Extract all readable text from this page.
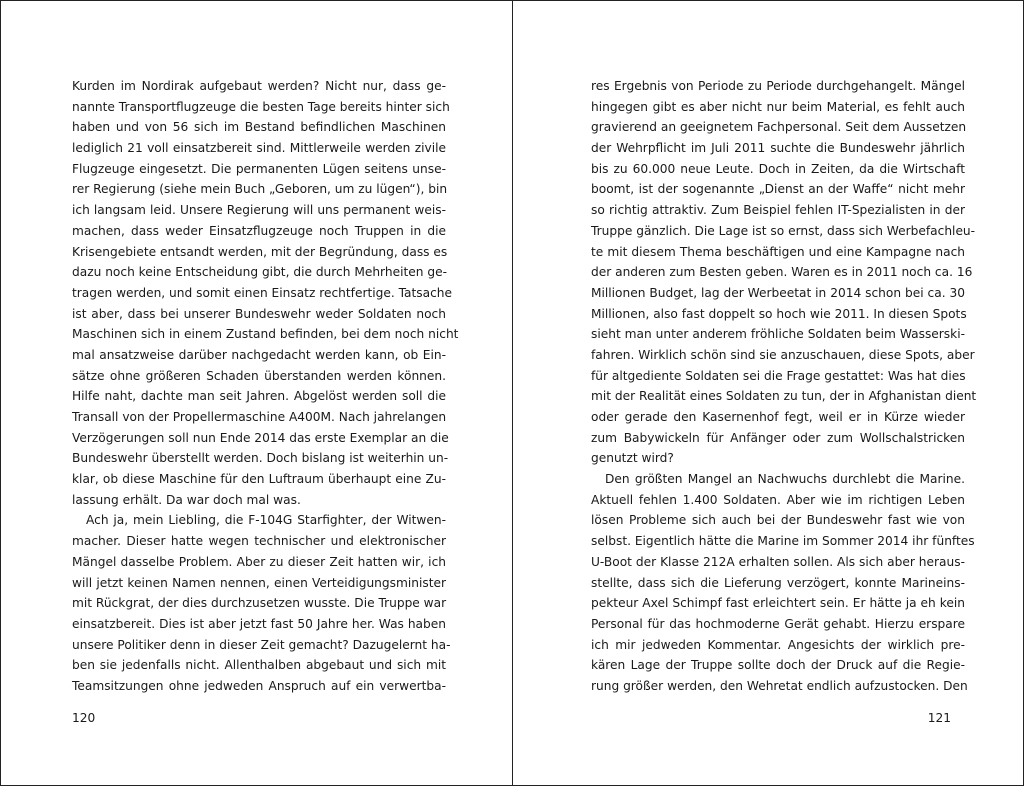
Kurden im Nordirak aufgebaut werden? Nicht nur, dass ge-
nannte Transportflugzeuge die besten Tage bereits hinter sich
haben und von 56 sich im Bestand befindlichen Maschinen
lediglich 21 voll einsatzbereit sind. Mittlerweile werden zivile
Flugzeuge eingesetzt. Die permanenten Lügen seitens unse-
rer Regierung (siehe mein Buch „Geboren, um zu lügen“), bin
ich langsam leid. Unsere Regierung will uns permanent weis-
machen, dass weder Einsatzflugzeuge noch Truppen in die
Krisengebiete entsandt werden, mit der Begründung, dass es
dazu noch keine Entscheidung gibt, die durch Mehrheiten ge-
tragen werden, und somit einen Einsatz rechtfertige. Tatsache
ist aber, dass bei unserer Bundeswehr weder Soldaten noch
Maschinen sich in einem Zustand befinden, bei dem noch nicht
mal ansatzweise darüber nachgedacht werden kann, ob Ein-
sätze ohne größeren Schaden überstanden werden können.
Hilfe naht, dachte man seit Jahren. Abgelöst werden soll die
Transall von der Propellermaschine A400M. Nach jahrelangen
Verzögerungen soll nun Ende 2014 das erste Exemplar an die
Bundeswehr überstellt werden. Doch bislang ist weiterhin un-
klar, ob diese Maschine für den Luftraum überhaupt eine Zu-
lassung erhält. Da war doch mal was.
Ach ja, mein Liebling, die F-104G Starfighter, der Witwen-
macher. Dieser hatte wegen technischer und elektronischer
Mängel dasselbe Problem. Aber zu dieser Zeit hatten wir, ich
will jetzt keinen Namen nennen, einen Verteidigungsminister
mit Rückgrat, der dies durchzusetzen wusste. Die Truppe war
einsatzbereit. Dies ist aber jetzt fast 50 Jahre her. Was haben
unsere Politiker denn in dieser Zeit gemacht? Dazugelernt ha-
ben sie jedenfalls nicht. Allenthalben abgebaut und sich mit
Teamsitzungen ohne jedweden Anspruch auf ein verwertba-
120
res Ergebnis von Periode zu Periode durchgehangelt. Mängel
hingegen gibt es aber nicht nur beim Material, es fehlt auch
gravierend an geeignetem Fachpersonal. Seit dem Aussetzen
der Wehrpflicht im Juli 2011 suchte die Bundeswehr jährlich
bis zu 60.000 neue Leute. Doch in Zeiten, da die Wirtschaft
boomt, ist der sogenannte „Dienst an der Waffe“ nicht mehr
so richtig attraktiv. Zum Beispiel fehlen IT-Spezialisten in der
Truppe gänzlich. Die Lage ist so ernst, dass sich Werbefachleu-
te mit diesem Thema beschäftigen und eine Kampagne nach
der anderen zum Besten geben. Waren es in 2011 noch ca. 16
Millionen Budget, lag der Werbeetat in 2014 schon bei ca. 30
Millionen, also fast doppelt so hoch wie 2011. In diesen Spots
sieht man unter anderem fröhliche Soldaten beim Wasserski-
fahren. Wirklich schön sind sie anzuschauen, diese Spots, aber
für altgediente Soldaten sei die Frage gestattet: Was hat dies
mit der Realität eines Soldaten zu tun, der in Afghanistan dient
oder gerade den Kasernenhof fegt, weil er in Kürze wieder
zum Babywickeln für Anfänger oder zum Wollschalstricken
genutzt wird?
Den größten Mangel an Nachwuchs durchlebt die Marine.
Aktuell fehlen 1.400 Soldaten. Aber wie im richtigen Leben
lösen Probleme sich auch bei der Bundeswehr fast wie von
selbst. Eigentlich hätte die Marine im Sommer 2014 ihr fünftes
U-Boot der Klasse 212A erhalten sollen. Als sich aber heraus-
stellte, dass sich die Lieferung verzögert, konnte Marineins-
pekteur Axel Schimpf fast erleichtert sein. Er hätte ja eh kein
Personal für das hochmoderne Gerät gehabt. Hierzu erspare
ich mir jedweden Kommentar. Angesichts der wirklich pre-
kären Lage der Truppe sollte doch der Druck auf die Regie-
rung größer werden, den Wehretat endlich aufzustocken. Den
121
